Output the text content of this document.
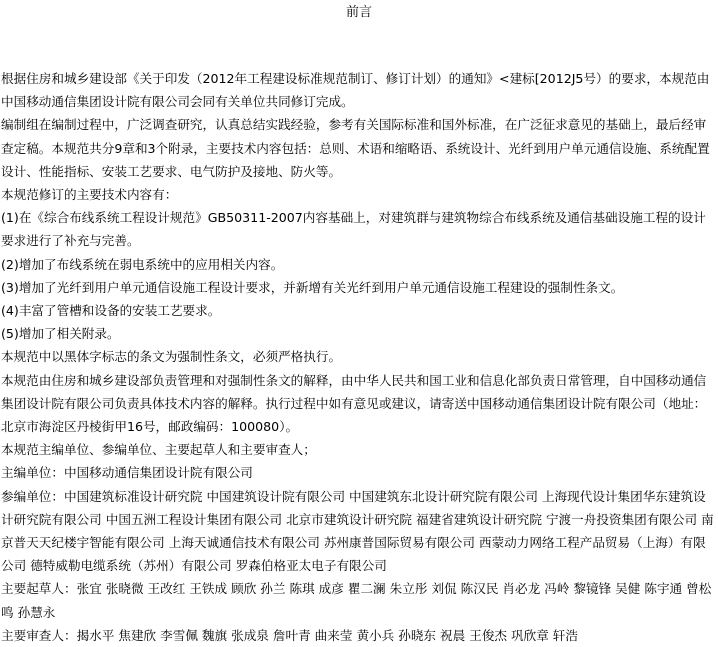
前言

根据住房和城乡建设部《关于印发（2012年工程建设标准规范制订、修订计划）的通知》<建标[2012J5号）的要求，本规范由中国移动通信集团设计院有限公司会同有关单位共同修订完成。

编制组在编制过程中，广泛调查研究，认真总结实践经验，参考有关国际标准和国外标准，在广泛征求意见的基础上，最后经审查定稿。本规范共分9章和3个附录，主要技术内容包括：总则、术语和缩略语、系统设计、光纤到用户单元通信设施、系统配置设计、性能指标、安装工艺要求、电气防护及接地、防火等。

本规范修订的主要技术内容有：

(1)在《综合布线系统工程设计规范》GB50311-2007内容基础上，对建筑群与建筑物综合布线系统及通信基础设施工程的设计要求进行了补充与完善。

(2)增加了布线系统在弱电系统中的应用相关内容。

(3)增加了光纤到用户单元通信设施工程设计要求，并新增有关光纤到用户单元通信设施工程建设的强制性条文。

(4)丰富了管槽和设备的安装工艺要求。

(5)增加了相关附录。

本规范中以黑体字标志的条文为强制性条文，必须严格执行。

本规范由住房和城乡建设部负责管理和对强制性条文的解释，由中华人民共和国工业和信息化部负责日常管理，自中国移动通信集团设计院有限公司负责具体技术内容的解释。执行过程中如有意见或建议，请寄送中国移动通信集团设计院有限公司（地址：北京市海淀区丹棱街甲16号，邮政编码：100080）。

本规范主编单位、参编单位、主要起草人和主要审查人；

主编单位：中国移动通信集团设计院有限公司

参编单位：中国建筑标准设计研究院 中国建筑设计院有限公司 中国建筑东北设计研究院有限公司 上海现代设计集团华东建筑设计研究院有限公司 中国五洲工程设计集团有限公司 北京市建筑设计研究院 福建省建筑设计研究院 宁渡一舟投资集团有限公司 南京普天天纪楼宇智能有限公司 上海天诚通信技术有限公司 苏州康普国际贸易有限公司 西蒙动力网络工程产品贸易（上海）有限公司 德特威勒电缆系统（苏州）有限公司 罗森伯格亚太电子有限公司

主要起草人：张宜 张晓微 王改红 王铁成 顾欣 孙兰 陈琪 成彦 瞿二澜 朱立彤 刘侃 陈汉民 肖必龙 冯岭 黎镜锋 吴健 陈宇通 曾松鸣 孙慧永

主要审查人：揭水平 焦建欣 李雪佩 魏旗 张成泉 詹叶青 曲来莹 黄小兵 孙晓东 祝晨 王俊杰 巩欣章 轩浩
